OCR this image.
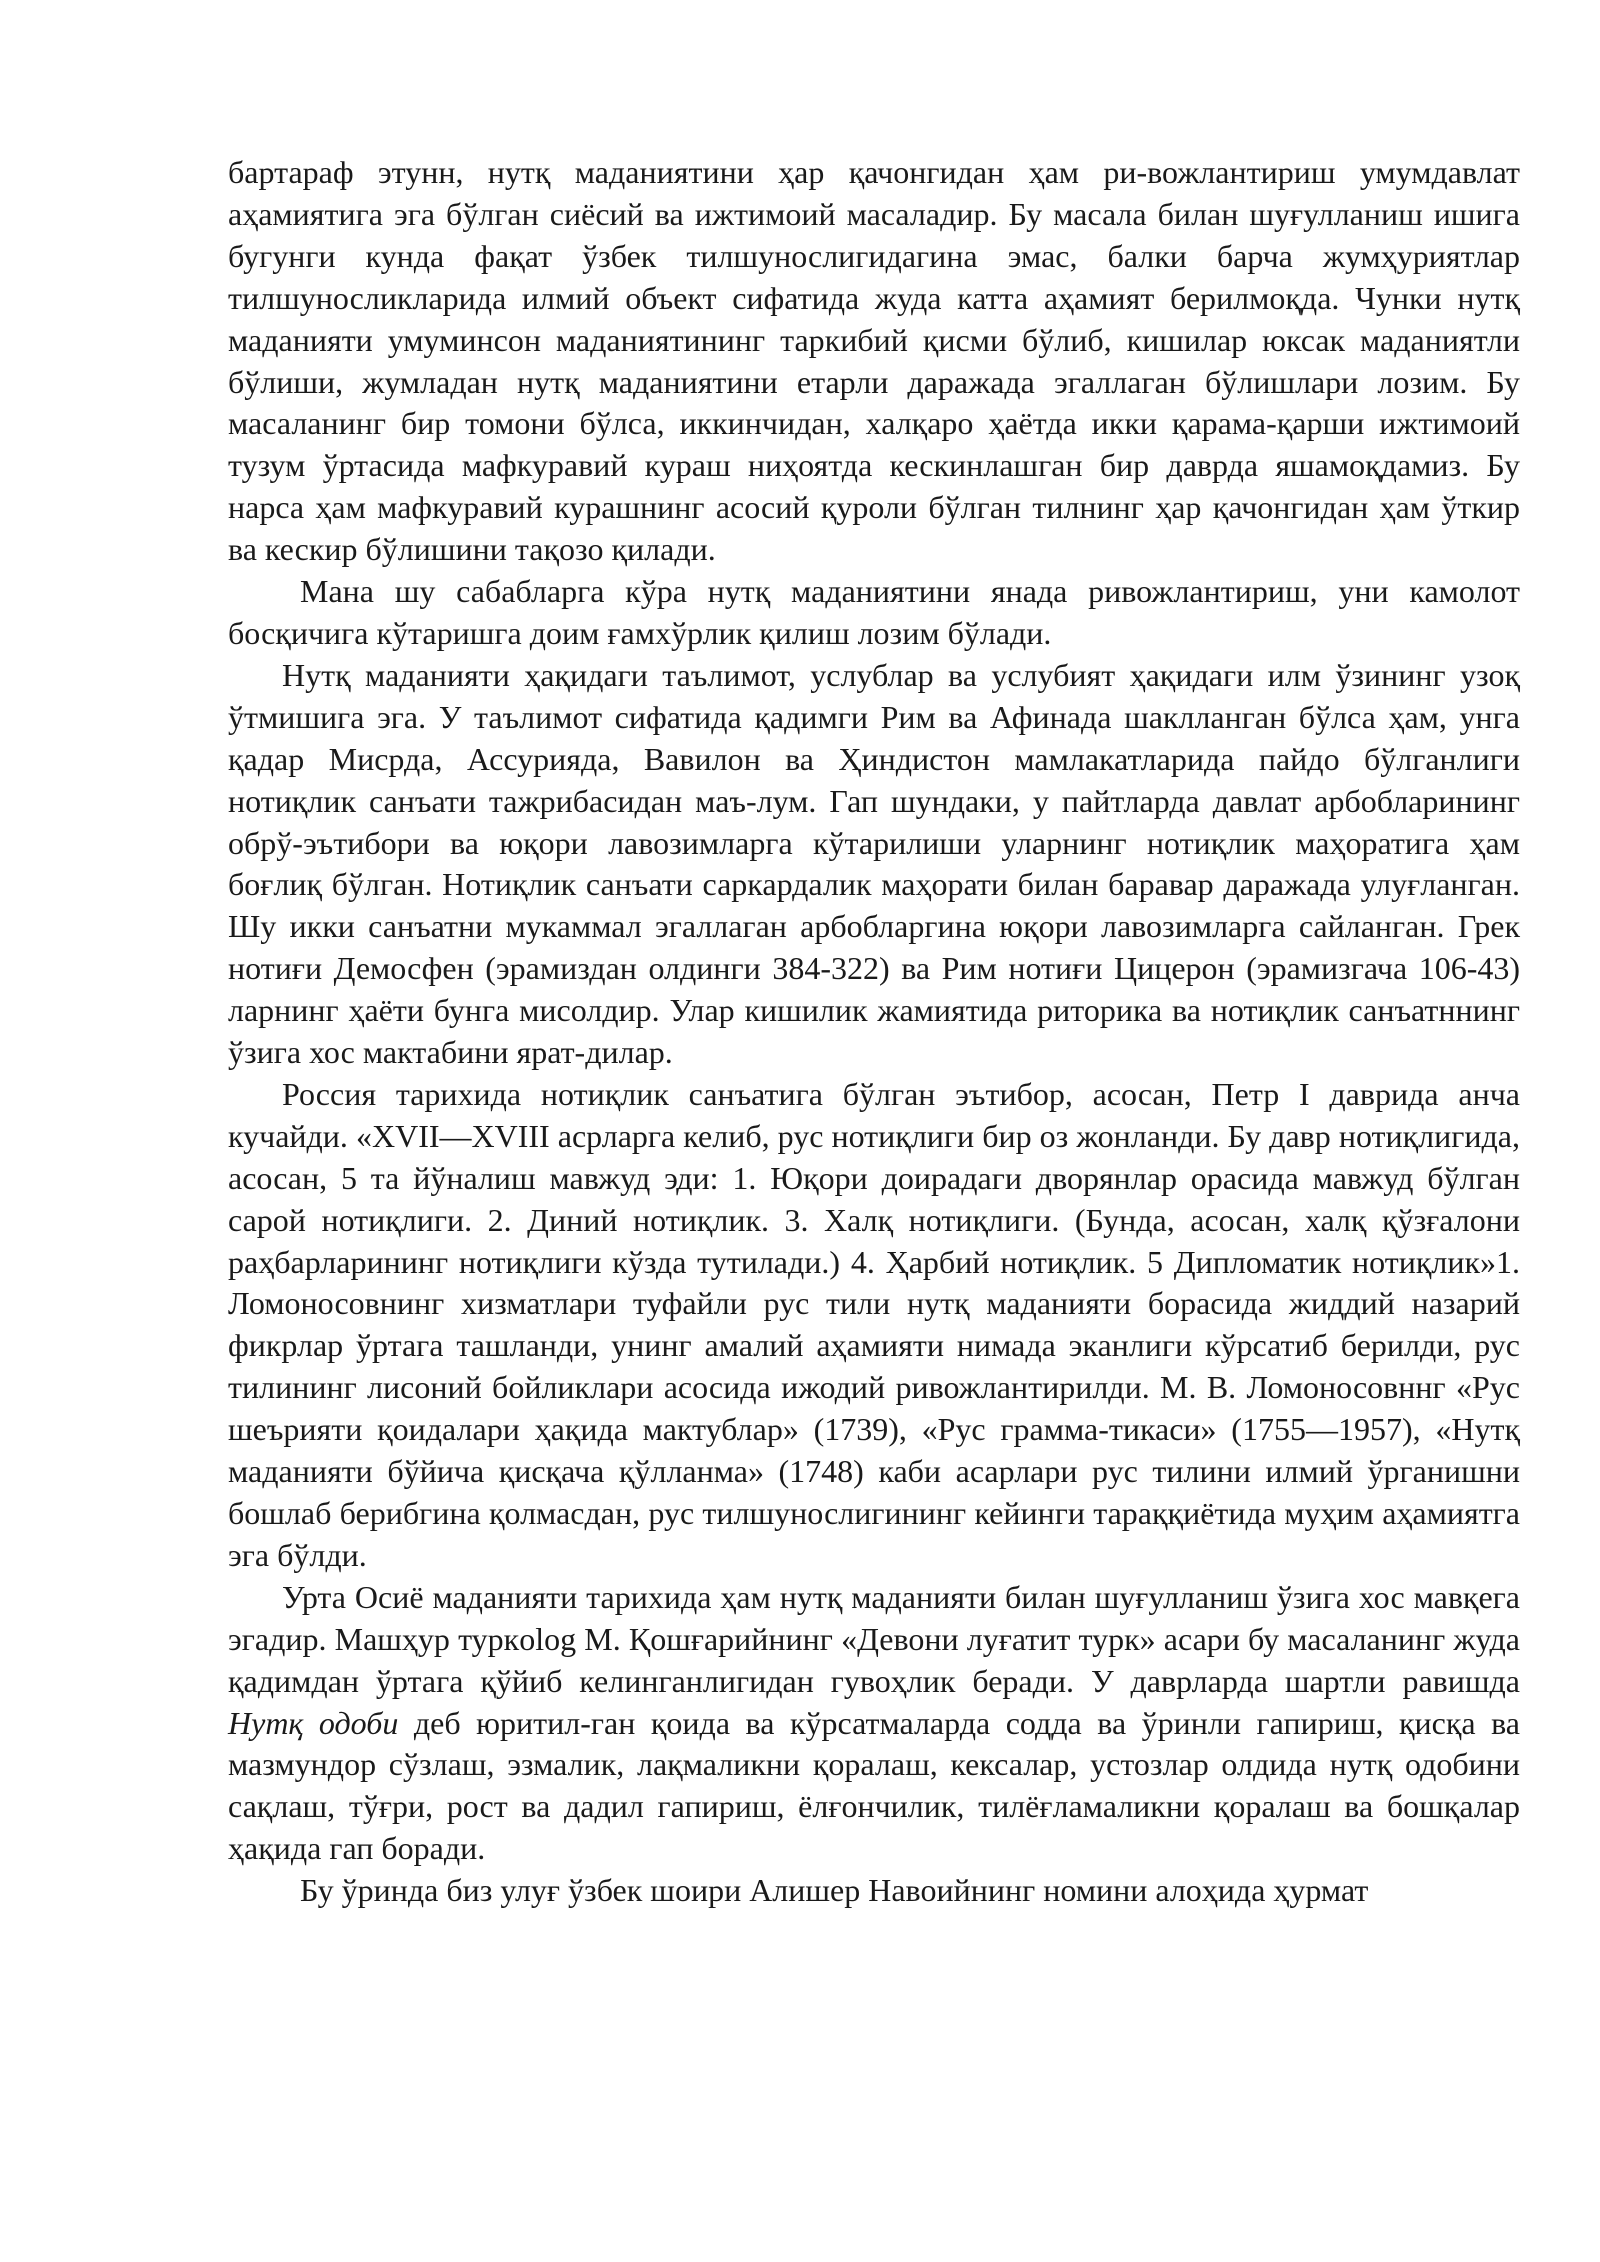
бартараф этунн, нутқ маданиятини ҳар қачонгидан ҳам ри-вожлантириш умумдавлат аҳамиятига эга бўлган сиёсий ва ижтимоий масаладир. Бу масала билан шуғулланиш ишига бугунги кунда фақат ўзбек тилшунослигидагина эмас, балки барча жумҳуриятлар тилшуносликларида илмий объект сифатида жуда катта аҳамият берилмоқда. Чунки нутқ маданияти умуминсон маданиятининг таркибий қисми бўлиб, кишилар юксак маданиятли бўлиши, жумладан нутқ маданиятини етарли даражада эгаллаган бўлишлари лозим. Бу масаланинг бир томони бўлса, иккинчидан, халқаро ҳаётда икки қарама-қарши ижтимоий тузум ўртасида мафкуравий кураш ниҳоятда кескинлашган бир даврда яшамоқдамиз. Бу нарса ҳам мафкуравий курашнинг асосий қуроли бўлган тилнинг ҳар қачонгидан ҳам ўткир ва кескир бўлишини тақозо қилади.

Мана шу сабабларга кўра нутқ маданиятини янада ривожлантириш, уни камолот босқичига кўтаришга доим ғамхўрлик қилиш лозим бўлади.

Нутқ маданияти ҳақидаги таълимот, услублар ва услубият ҳақидаги илм ўзининг узоқ ўтмишига эга. У таълимот сифатида қадимги Рим ва Афинада шаклланган бўлса ҳам, унга қадар Мисрда, Ассурияда, Вавилон ва Ҳиндистон мамлакатларида пайдо бўлганлиги нотиқлик санъати тажрибасидан маъ-лум. Гап шундаки, у пайтларда давлат арбобларининг обрў-эътибори ва юқори лавозимларга кўтарилиши уларнинг нотиқлик маҳоратига ҳам боғлиқ бўлган. Нотиқлик санъати саркардалик маҳорати билан баравар даражада улуғланган. Шу икки санъатни мукаммал эгаллаган арбобларгина юқори лавозимларга сайланган. Грек нотиғи Демосфен (эрамиздан олдинги 384-322) ва Рим нотиғи Цицерон (эрамизгача 106-43) ларнинг ҳаёти бунга мисолдир. Улар кишилик жамиятида риторика ва нотиқлик санъатннинг ўзига хос мактабини ярат-дилар.

Россия тарихида нотиқлик санъатига бўлган эътибор, асосан, Петр I даврида анча кучайди. «XVII—XVIII асрларга келиб, рус нотиқлиги бир оз жонланди. Бу давр нотиқлигида, асосан, 5 та йўналиш мавжуд эди: 1. Юқори доирадаги дворянлар орасида мавжуд бўлган сарой нотиқлиги. 2. Диний нотиқлик. 3. Халқ нотиқлиги. (Бунда, асосан, халқ қўзғалони раҳбарларининг нотиқлиги кўзда тутилади.) 4. Ҳарбий нотиқлик. 5 Дипломатик нотиқлик»1. Ломоносовнинг хизматлари туфайли рус тили нутқ маданияти борасида жиддий назарий фикрлар ўртага ташланди, унинг амалий аҳамияти нимада эканлиги кўрсатиб берилди, рус тилининг лисоний бойликлари асосида ижодий ривожлантирилди. М. В. Ломоносовннг «Рус шеърияти қоидалари ҳақида мактублар» (1739), «Рус грамма-тикаси» (1755—1957), «Нутқ маданияти бўйича қисқача қўлланма» (1748) каби асарлари рус тилини илмий ўрганишни бошлаб берибгина қолмасдан, рус тилшунослигининг кейинги тараққиётида муҳим аҳамиятга эга бўлди.

Урта Осиё маданияти тарихида ҳам нутқ маданияти билан шуғулланиш ўзига хос мавқега эгадир. Машҳур туркolog М. Қошғарийнинг «Девони луғатит турк» асари бу масаланинг жуда қадимдан ўртага қўйиб келинганлигидан гувоҳлик беради. У даврларда шартли равишда Нутқ одоби деб юритил-ган қоида ва кўрсатмаларда содда ва ўринли гапириш, қисқа ва мазмундор сўзлаш, эзмалик, лақмаликни қоралаш, кексалар, устозлар олдида нутқ одобини сақлаш, тўғри, рост ва дадил гапириш, ёлғончилик, тилёғламаликни қоралаш ва бошқалар ҳақида гап боради.

Бу ўринда биз улуғ ўзбек шоири Алишер Навоийнинг номини алоҳида ҳурмат
